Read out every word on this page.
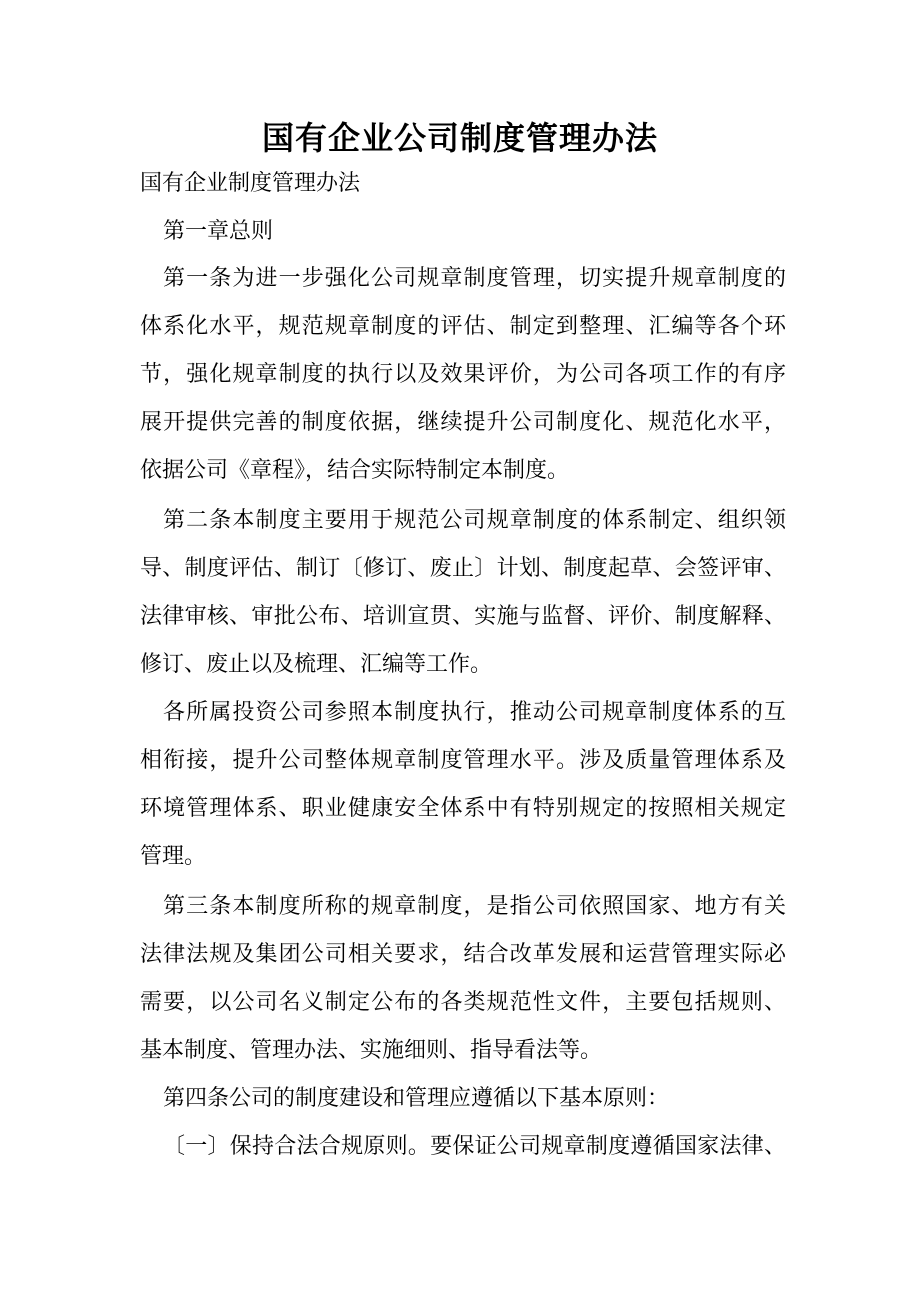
国有企业公司制度管理办法

国有企业制度管理办法

第一章总则

第一条为进一步强化公司规章制度管理，切实提升规章制度的

体系化水平，规范规章制度的评估、制定到整理、汇编等各个环

节，强化规章制度的执行以及效果评价，为公司各项工作的有序

展开提供完善的制度依据，继续提升公司制度化、规范化水平，

依据公司《章程》，结合实际特制定本制度。

第二条本制度主要用于规范公司规章制度的体系制定、组织领

导、制度评估、制订〔修订、废止〕计划、制度起草、会签评审、

法律审核、审批公布、培训宣贯、实施与监督、评价、制度解释、

修订、废止以及梳理、汇编等工作。

各所属投资公司参照本制度执行，推动公司规章制度体系的互

相衔接，提升公司整体规章制度管理水平。涉及质量管理体系及

环境管理体系、职业健康安全体系中有特别规定的按照相关规定

管理。

第三条本制度所称的规章制度，是指公司依照国家、地方有关

法律法规及集团公司相关要求，结合改革发展和运营管理实际必

需要，以公司名义制定公布的各类规范性文件，主要包括规则、

基本制度、管理办法、实施细则、指导看法等。

第四条公司的制度建设和管理应遵循以下基本原则：

〔一〕保持合法合规原则。要保证公司规章制度遵循国家法律、
